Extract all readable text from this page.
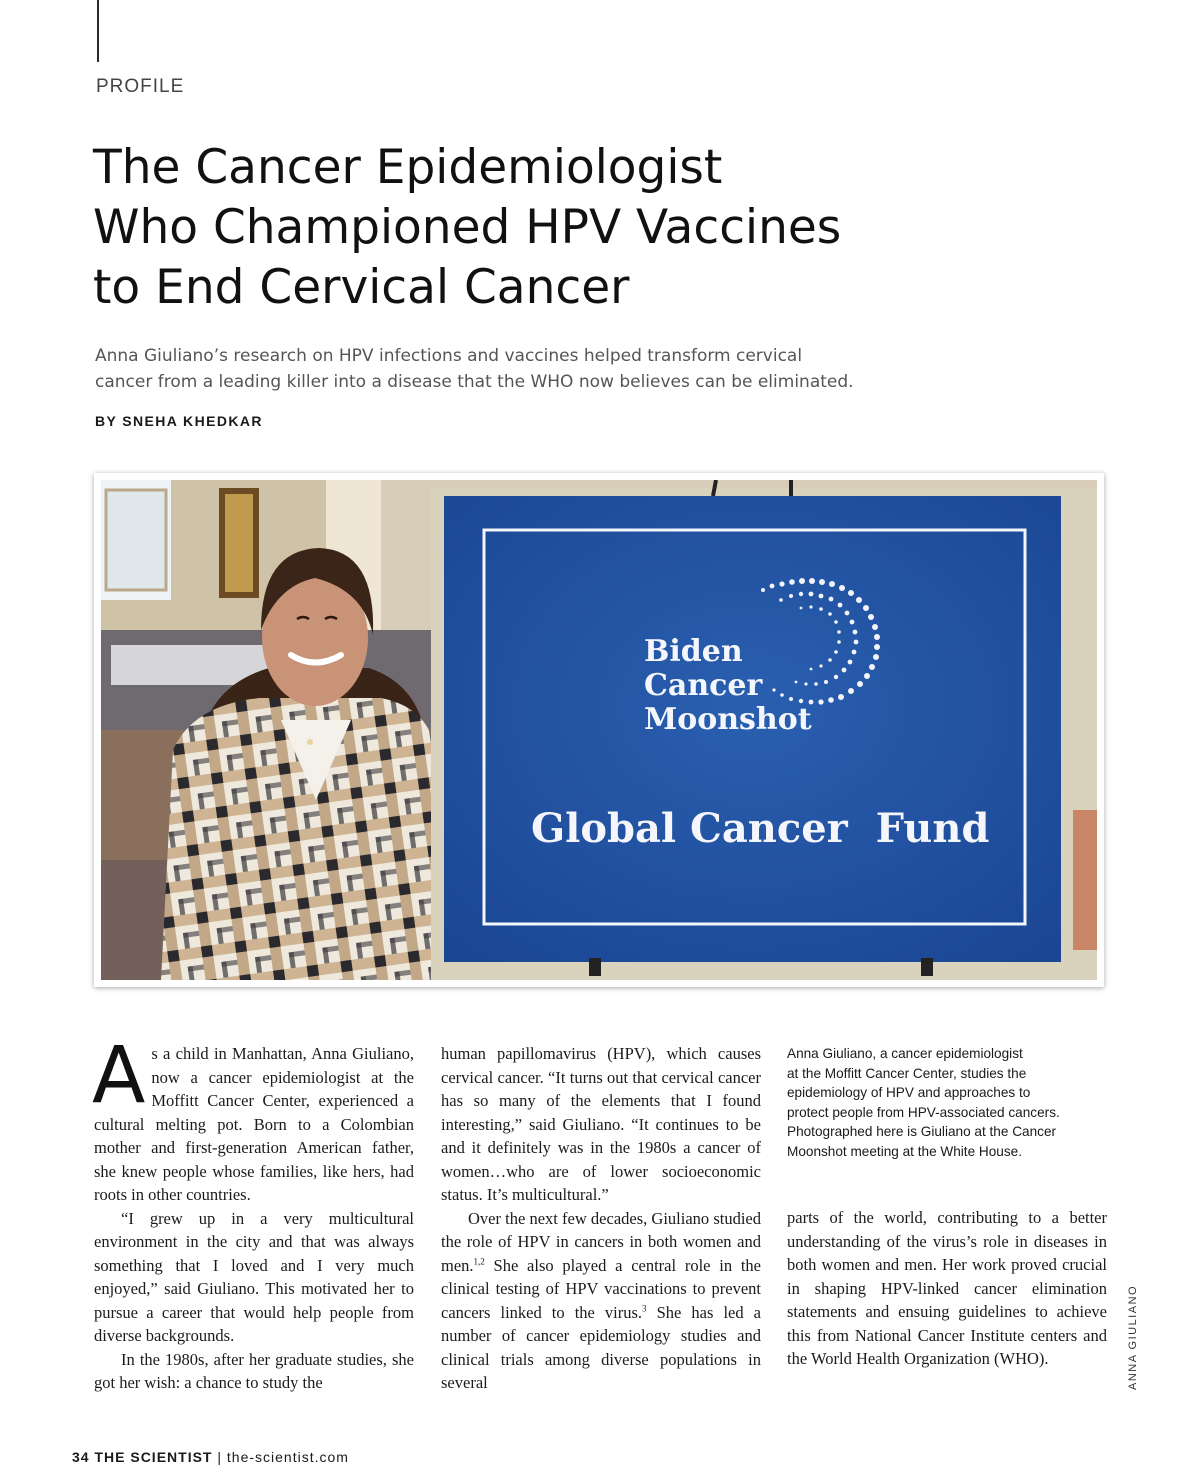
PROFILE
The Cancer Epidemiologist
Who Championed HPV Vaccines
to End Cervical Cancer
Anna Giuliano’s research on HPV infections and vaccines helped transform cervical
cancer from a leading killer into a disease that the WHO now believes can be eliminated.
BY SNEHA KHEDKAR
Biden
Cancer
Moonshot
Global Cancer  Fund

As a child in Manhattan, Anna Giuliano, now a cancer epidemiologist at the Moffitt Cancer Center, experienced a cultural melting pot. Born to a Colombian mother and first-generation American father, she knew people whose families, like hers, had roots in other countries.

“I grew up in a very multicultural environment in the city and that was always something that I loved and I very much enjoyed,” said Giuliano. This motivated her to pursue a career that would help people from diverse backgrounds.

In the 1980s, after her graduate studies, she got her wish: a chance to study the

human papillomavirus (HPV), which causes cervical cancer. “It turns out that cervical cancer has so many of the elements that I found interesting,” said Giuliano. “It continues to be and it definitely was in the 1980s a cancer of women…who are of lower socioeconomic status. It’s multicultural.”

Over the next few decades, Giuliano studied the role of HPV in cancers in both women and men.$^{1,2}$ She also played a central role in the clinical testing of HPV vaccinations to prevent cancers linked to the virus.$^3$ She has led a number of cancer epidemiology studies and clinical trials among diverse populations in several

Anna Giuliano, a cancer epidemiologist
at the Moffitt Cancer Center, studies the
epidemiology of HPV and approaches to
protect people from HPV-associated cancers.
Photographed here is Giuliano at the Cancer
Moonshot meeting at the White House.

parts of the world, contributing to a better understanding of the virus’s role in diseases in both women and men. Her work proved crucial in shaping HPV-linked cancer elimination statements and ensuing guidelines to achieve this from National Cancer Institute centers and the World Health Organization (WHO).	ANNA GIULIANO
34 THE SCIENTIST | the-scientist.com
